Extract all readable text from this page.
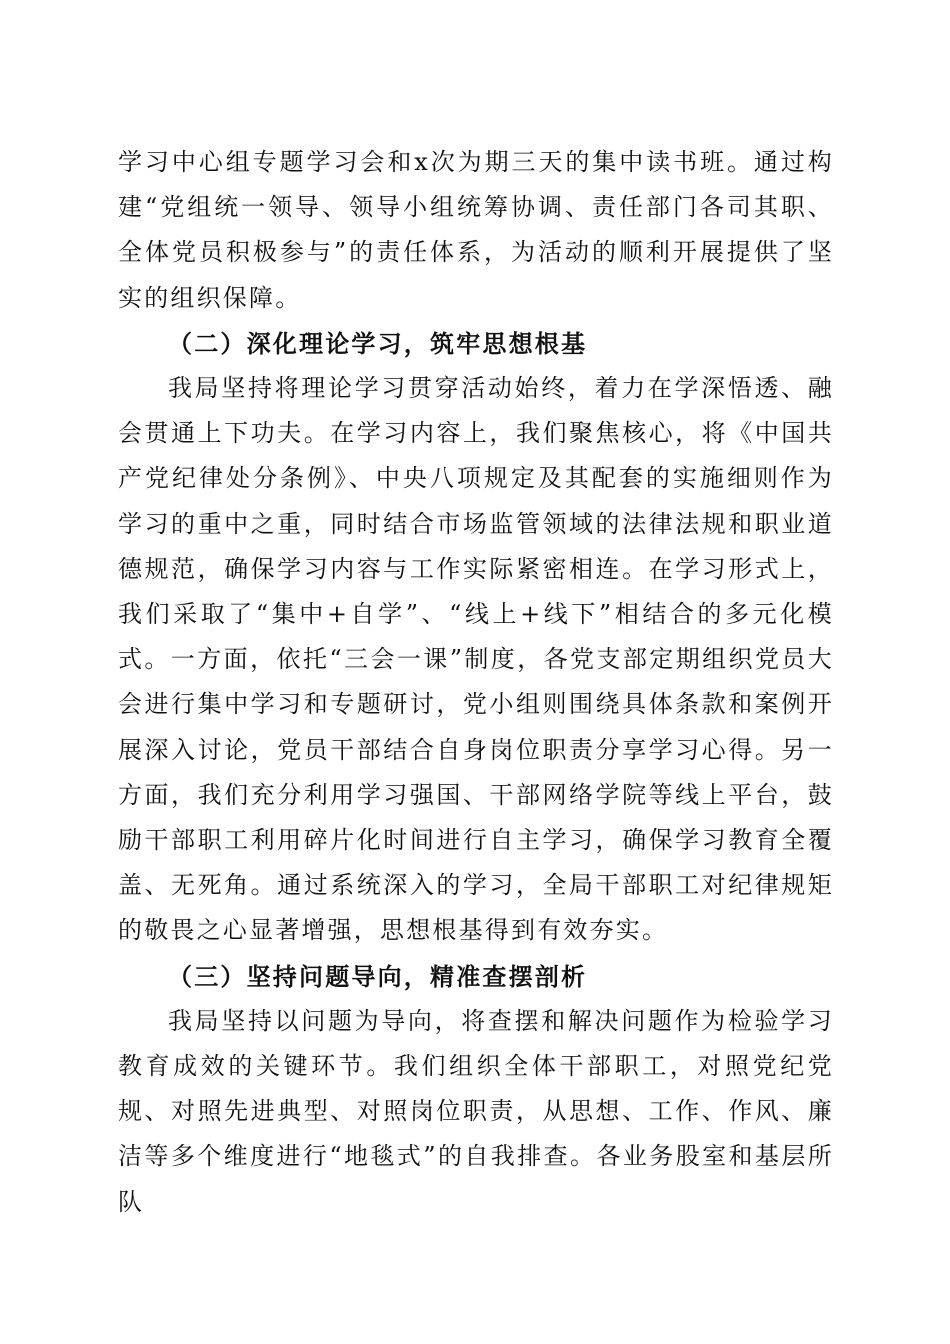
学习中心组专题学习会和x次为期三天的集中读书班。通过构建“党组统一领导、领导小组统筹协调、责任部门各司其职、全体党员积极参与”的责任体系，为活动的顺利开展提供了坚实的组织保障。

（二）深化理论学习，筑牢思想根基

我局坚持将理论学习贯穿活动始终，着力在学深悟透、融会贯通上下功夫。在学习内容上，我们聚焦核心，将《中国共产党纪律处分条例》、中央八项规定及其配套的实施细则作为学习的重中之重，同时结合市场监管领域的法律法规和职业道德规范，确保学习内容与工作实际紧密相连。在学习形式上，我们采取了“集中+自学”、“线上+线下”相结合的多元化模式。一方面，依托“三会一课”制度，各党支部定期组织党员大会进行集中学习和专题研讨，党小组则围绕具体条款和案例开展深入讨论，党员干部结合自身岗位职责分享学习心得。另一方面，我们充分利用学习强国、干部网络学院等线上平台，鼓励干部职工利用碎片化时间进行自主学习，确保学习教育全覆盖、无死角。通过系统深入的学习，全局干部职工对纪律规矩的敬畏之心显著增强，思想根基得到有效夯实。

（三）坚持问题导向，精准查摆剖析

我局坚持以问题为导向，将查摆和解决问题作为检验学习教育成效的关键环节。我们组织全体干部职工，对照党纪党规、对照先进典型、对照岗位职责，从思想、工作、作风、廉洁等多个维度进行“地毯式”的自我排查。各业务股室和基层所队
